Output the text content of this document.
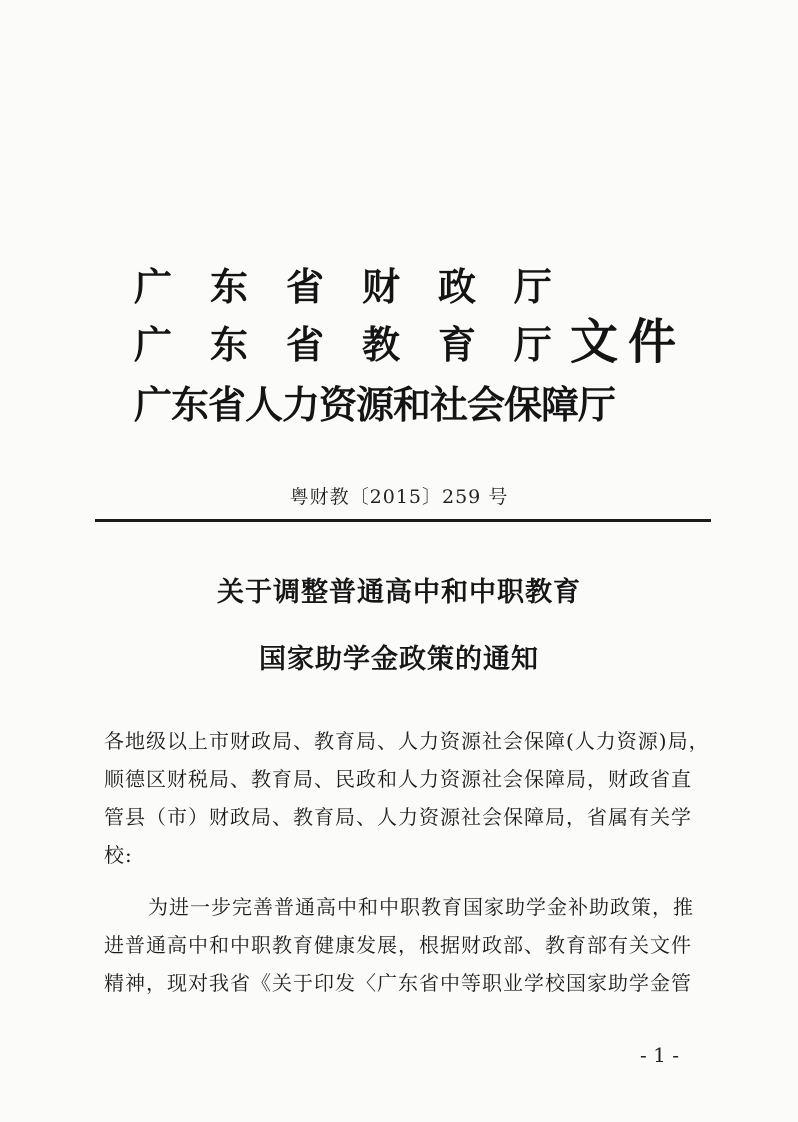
广 东 省 财 政 厅
广 东 省 教 育 厅 文件
广东省人力资源和社会保障厅
粤财教〔2015〕259 号
关于调整普通高中和中职教育
国家助学金政策的通知
各地级以上市财政局、教育局、人力资源社会保障(人力资源)局，
顺德区财税局、教育局、民政和人力资源社会保障局，财政省直
管县（市）财政局、教育局、人力资源社会保障局，省属有关学
校:
为进一步完善普通高中和中职教育国家助学金补助政策，推
进普通高中和中职教育健康发展，根据财政部、教育部有关文件
精神，现对我省《关于印发〈广东省中等职业学校国家助学金管
- 1 -
